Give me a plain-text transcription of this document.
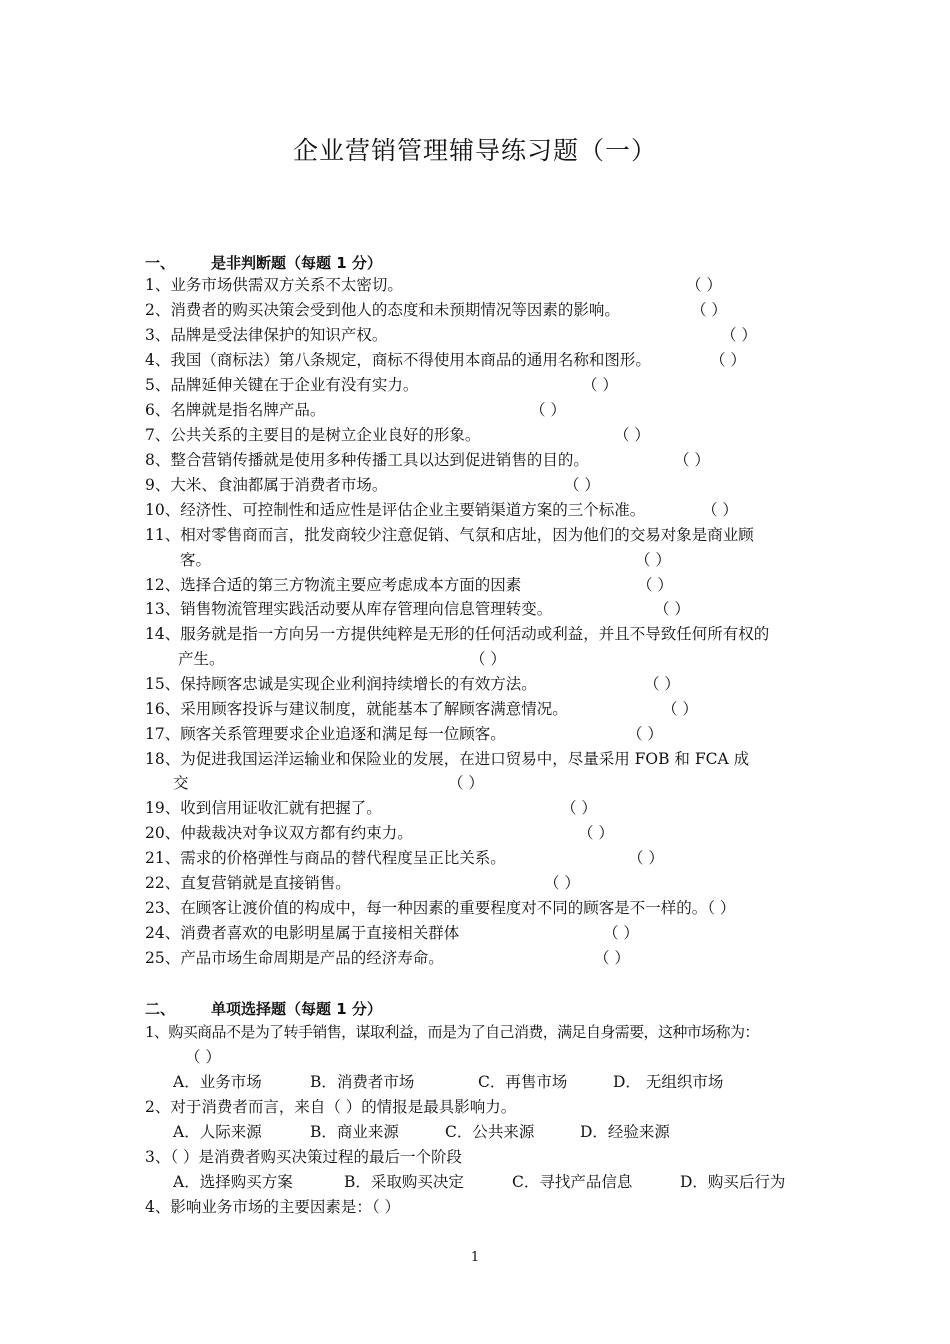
企业营销管理辅导练习题（一）
一、 是非判断题（每题 1 分）
1、业务市场供需双方关系不太密切。	（ ）
2、消费者的购买决策会受到他人的态度和未预期情况等因素的影响。	（ ）
3、品牌是受法律保护的知识产权。	（ ）
4、我国（商标法）第八条规定，商标不得使用本商品的通用名称和图形。	（ ）
5、品牌延伸关键在于企业有没有实力。	（ ）
6、名牌就是指名牌产品。	（ ）
7、公共关系的主要目的是树立企业良好的形象。	（ ）
8、整合营销传播就是使用多种传播工具以达到促进销售的目的。	（ ）
9、大米、食油都属于消费者市场。	（ ）
10、经济性、可控制性和适应性是评估企业主要销渠道方案的三个标准。	（ ）
11、相对零售商而言，批发商较少注意促销、气氛和店址，因为他们的交易对象是商业顾
客。	（ ）
12、选择合适的第三方物流主要应考虑成本方面的因素	（ ）
13、销售物流管理实践活动要从库存管理向信息管理转变。	（ ）
14、服务就是指一方向另一方提供纯粹是无形的任何活动或利益，并且不导致任何所有权的
产生。	（ ）
15、保持顾客忠诚是实现企业利润持续增长的有效方法。	（ ）
16、采用顾客投诉与建议制度，就能基本了解顾客满意情况。	（ ）
17、顾客关系管理要求企业追逐和满足每一位顾客。	（ ）
18、为促进我国运洋运输业和保险业的发展，在进口贸易中，尽量采用 FOB 和 FCA 成
交	（ ）
19、收到信用证收汇就有把握了。	（ ）
20、仲裁裁决对争议双方都有约束力。	（ ）
21、需求的价格弹性与商品的替代程度呈正比关系。	（ ）
22、直复营销就是直接销售。	（ ）
23、在顾客让渡价值的构成中，每一种因素的重要程度对不同的顾客是不一样的。（ ）
24、消费者喜欢的电影明星属于直接相关群体	（ ）
25、产品市场生命周期是产品的经济寿命。	（ ）
二、 单项选择题（每题 1 分）
1、购买商品不是为了转手销售，谋取利益，而是为了自己消费，满足自身需要，这种市场称为：
（ ）
A．业务市场	B．消费者市场	C．再售市场	D． 无组织市场
2、对于消费者而言，来自（ ）的情报是最具影响力。
A．人际来源	B．商业来源	C．公共来源	D．经验来源
3、（ ）是消费者购买决策过程的最后一个阶段
A．选择购买方案	B．采取购买决定	C．寻找产品信息	D．购买后行为
4、影响业务市场的主要因素是：（ ）
1
